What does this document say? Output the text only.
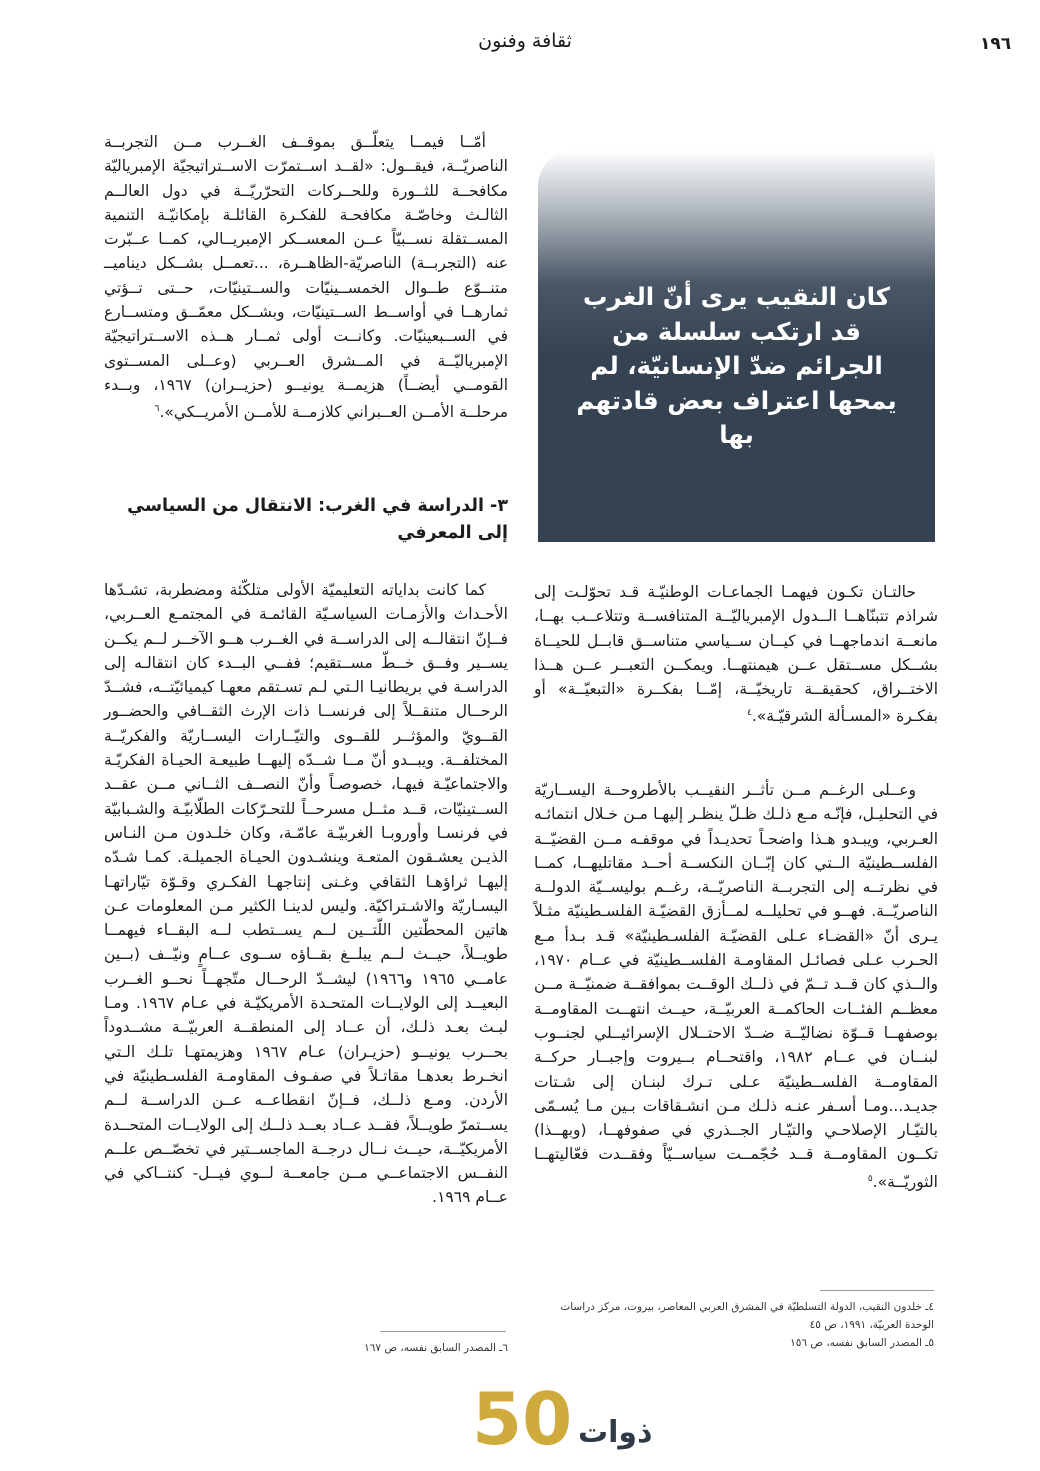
١٩٦
ثقافة وفنون
كان النقيب يرى أنّ الغرب قد ارتكب سلسلة من الجرائم ضدّ الإنسانيّة، لم يمحها اعتراف بعض قادتهم بها

حالتـان تكـون فيهمـا الجماعـات الوطنيّـة قـد تحوّلـت إلى شراذم تتبنّاهــا الــدول الإمبرياليّــة المتنافســة وتتلاعــب بهــا، مانعــة اندماجهــا في كيــان ســياسي متناســق قابــل للحيــاة بشــكل مســتقل عــن هيمنتهــا. ويمكــن التعبــر عــن هــذا الاختــراق، كحقيقــة تاريخيّــة، إمّــا بفكــرة «التبعيّــة» أو بفكـرة «المسـألة الشرقيّـة».$^٤$

وعــلى الرغــم مــن تأثــر النقيــب بالأطروحــة اليســاريّة في التحليـل، فإنّـه مـع ذلـك ظـلّ ينظـر إليهـا مـن خـلال انتمائـه العـربي، ويبـدو هـذا واضحـاً تحديـداً في موقفـه مــن القضيّــة الفلســطينيّة الــتي كان إبّــان النكســة أحــد مقاتليهــا، كمــا في نظرتــه إلى التجربــة الناصريّــة، رغــم بوليســيّة الدولــة الناصريّــة. فهــو في تحليلــه لمــأزق القضيّـة الفلسـطينيّة مثـلاً يـرى أنّ «القضـاء عـلى القضيّـة الفلسـطينيّة» قـد بـدأ مـع الحـرب عـلى فصائـل المقاومـة الفلســطينيّة في عــام ١٩٧٠، والــذي كان قــد تــمّ في ذلــك الوقــت بموافقــة ضمنيّــة مــن معظــم الفئــات الحاكمــة العربيّــة، حيــث انتهــت المقاومــة بوصفهــا قــوّة نضاليّــة ضــدّ الاحتــلال الإسرائيــلي لجنــوب لبنــان في عــام ١٩٨٢، واقتحــام بــيروت وإجبــار حركــة المقاومــة الفلســطينيّة عـلى تـرك لبنـان إلى شـتات جديـد...ومـا أسـفر عنـه ذلـك مـن انشـقاقات بـين مـا يُسـمّى بالتيّـار الإصلاحـي والتيّـار الجــذري في صفوفهــا، (وبهــذا) تكــون المقاومــة قــد حُجّمــت سياســيّاً وفقــدت فعّاليتهــا الثوريّــة».$^٥$

أمّــا فيمــا يتعلّــق بموقــف الغــرب مــن التجربــة الناصريّــة، فيقــول: «لقــد اســتمرّت الاســتراتيجيّة الإمبرياليّة مكافحــة للثــورة وللحــركات التحرّريّــة في دول العالــم الثالـث وخاصّـة مكافحـة للفكـرة القائلـة بإمكانيّـة التنمية المســتقلة نســبيّاً عــن المعســكر الإمبريــالي، كمــا عــبّرت عنه (التجربــة) الناصريّة-الظاهــرة، ...تعمــل بشــكل ديناميــ متنــوّع طــوال الخمســينيّات والســتينيّات، حــتى تــؤتي ثمارهــا في أواســط الســتينيّات، وبشــكل معمّــق ومتســارع في الســبعينيّات. وكانــت أولى ثمــار هــذه الاســتراتيجيّة الإمبرياليّــة في المــشرق العــربي (وعــلى المســتوى القومــي أيضــاً) هزيمــة يونيــو (حزيــران) ١٩٦٧، وبــدء مرحلــة الأمــن العــبراني كلازمــة للأمــن الأمريــكي».$^٦$

٣- الدراسة في الغرب: الانتقال من السياسي إلى المعرفي

كما كانت بداياته التعليميّة الأولى متلكّئة ومضطربة، تشـدّها الأحـداث والأزمـات السياسـيّة القائمـة في المجتمـع العــربي، فــإنّ انتقالــه إلى الدراســة في الغــرب هــو الآخــر لــم يكــن يســير وفــق خــطّ مســتقيم؛ ففــي البــدء كان انتقالـه إلى الدراسـة في بريطانيـا الـتي لـم تسـتقم معهـا كيميائيّتــه، فشــدّ الرحــال متنقــلاً إلى فرنســا ذات الإرث الثقــافي والحضــور القــويّ والمؤثــر للقــوى والتيّــارات اليســاريّة والفكريّــة المختلفــة. ويبــدو أنّ مــا شــدّه إليهــا طبيعـة الحيـاة الفكريّـة والاجتماعيّـة فيهـا، خصوصـاً وأنّ النصــف الثــاني مــن عقــد الســتينيّات، قــد مثــل مسرحــاً للتحـرّكات الطلّابيّـة والشـبابيّة في فرنسـا وأوروبـا الغربيّـة عامّـة، وكان خلـدون مـن النـاس الذيـن يعشـقون المتعـة وينشـدون الحيـاة الجميلـة. كمـا شـدّه إليهـا ثراؤهـا الثقافي وغـنى إنتاجهـا الفكـري وقـوّة تيّاراتهـا اليسـاريّة والاشـتراكيّة. وليس لدينـا الكثير مـن المعلومات عـن هاتين المحطّتين اللّتــين لــم يســتطب لــه البقــاء فيهمــا طويــلاً، حيــث لــم يبلــغ بقــاؤه ســوى عــامٍ ونيّــف (بــين عامــي ١٩٦٥ و١٩٦٦) ليشــدّ الرحــال متّجهــاً نحــو الغــرب البعيــد إلى الولايــات المتحـدة الأمريكيّـة في عـام ١٩٦٧. ومـا لبـث بعـد ذلـك، أن عــاد إلى المنطقــة العربيّــة مشــدوداً بحــرب يونيــو (حزيـران) عـام ١٩٦٧ وهزيمتهـا تلـك الـتي انخـرط بعدهـا مقاتـلاً في صفـوف المقاومـة الفلسـطينيّة في الأردن. ومـع ذلــك، فــإنّ انقطاعــه عــن الدراســة لــم يســتمرّ طويــلاً، فقــد عــاد بعــد ذلــك إلى الولايــات المتحــدة الأمريكيّــة، حيــث نــال درجــة الماجســتير في تخصّــص علــم النفــس الاجتماعــي مــن جامعــة لــوي فيــل- كنتــاكي في عــام ١٩٦٩.

٤ـ خلدون النقيب، الدولة التسلطيّة في المشرق العربي المعاصر، بيروت، مركز دراسات الوحدة العربيّة، ١٩٩١، ص ٤٥
٥ـ المصدر السابق نفسه، ص ١٥٦
٦ـ المصدر السابق نفسه، ص ١٦٧
50 ذوات
